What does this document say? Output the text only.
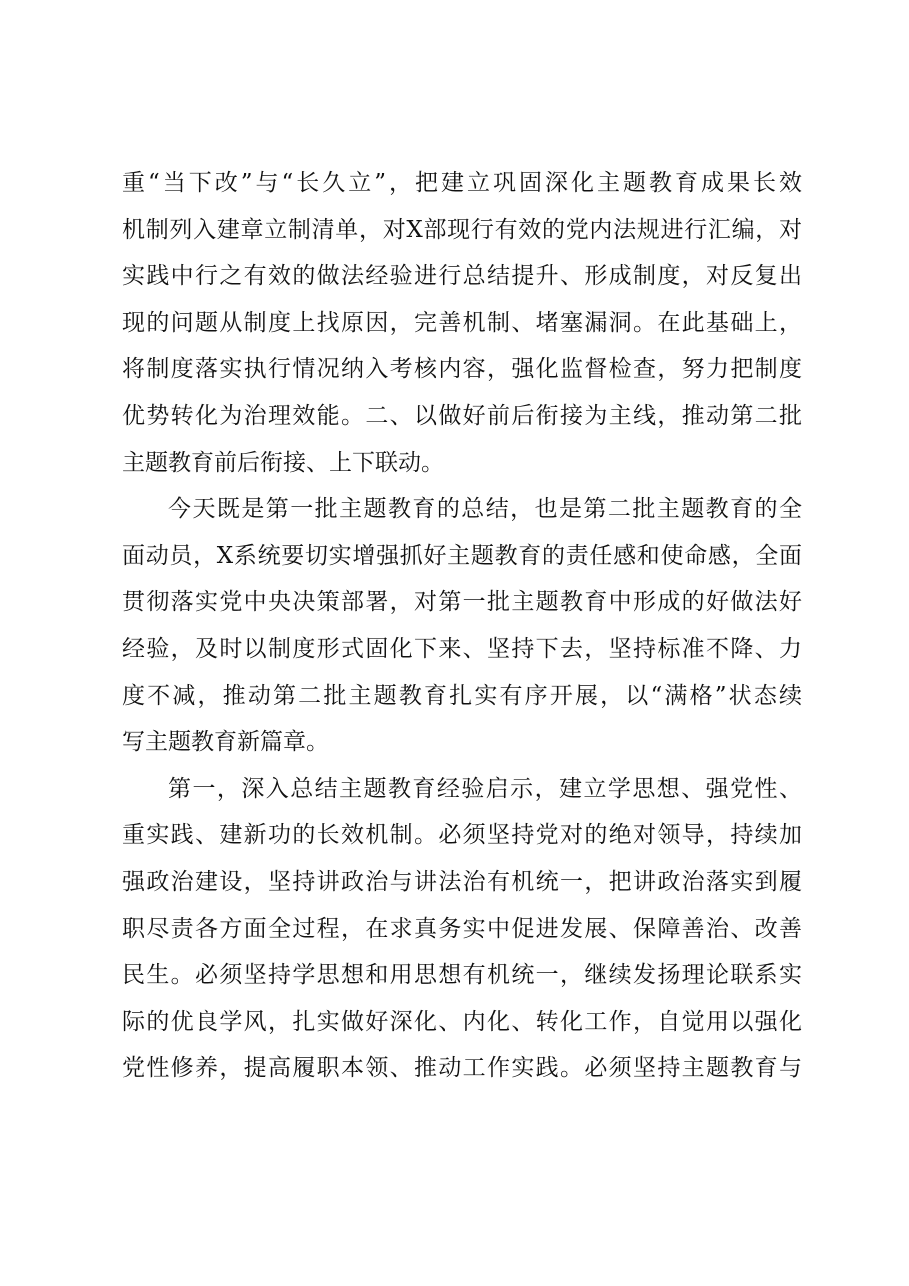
重“当下改”与“长久立”，把建立巩固深化主题教育成果长效
机制列入建章立制清单，对X部现行有效的党内法规进行汇编，对
实践中行之有效的做法经验进行总结提升、形成制度，对反复出
现的问题从制度上找原因，完善机制、堵塞漏洞。在此基础上，
将制度落实执行情况纳入考核内容，强化监督检查，努力把制度
优势转化为治理效能。二、以做好前后衔接为主线，推动第二批
主题教育前后衔接、上下联动。
今天既是第一批主题教育的总结，也是第二批主题教育的全
面动员，X系统要切实增强抓好主题教育的责任感和使命感，全面
贯彻落实党中央决策部署，对第一批主题教育中形成的好做法好
经验，及时以制度形式固化下来、坚持下去，坚持标准不降、力
度不减，推动第二批主题教育扎实有序开展，以“满格”状态续
写主题教育新篇章。
第一，深入总结主题教育经验启示，建立学思想、强党性、
重实践、建新功的长效机制。必须坚持党对的绝对领导，持续加
强政治建设，坚持讲政治与讲法治有机统一，把讲政治落实到履
职尽责各方面全过程，在求真务实中促进发展、保障善治、改善
民生。必须坚持学思想和用思想有机统一，继续发扬理论联系实
际的优良学风，扎实做好深化、内化、转化工作，自觉用以强化
党性修养，提高履职本领、推动工作实践。必须坚持主题教育与
